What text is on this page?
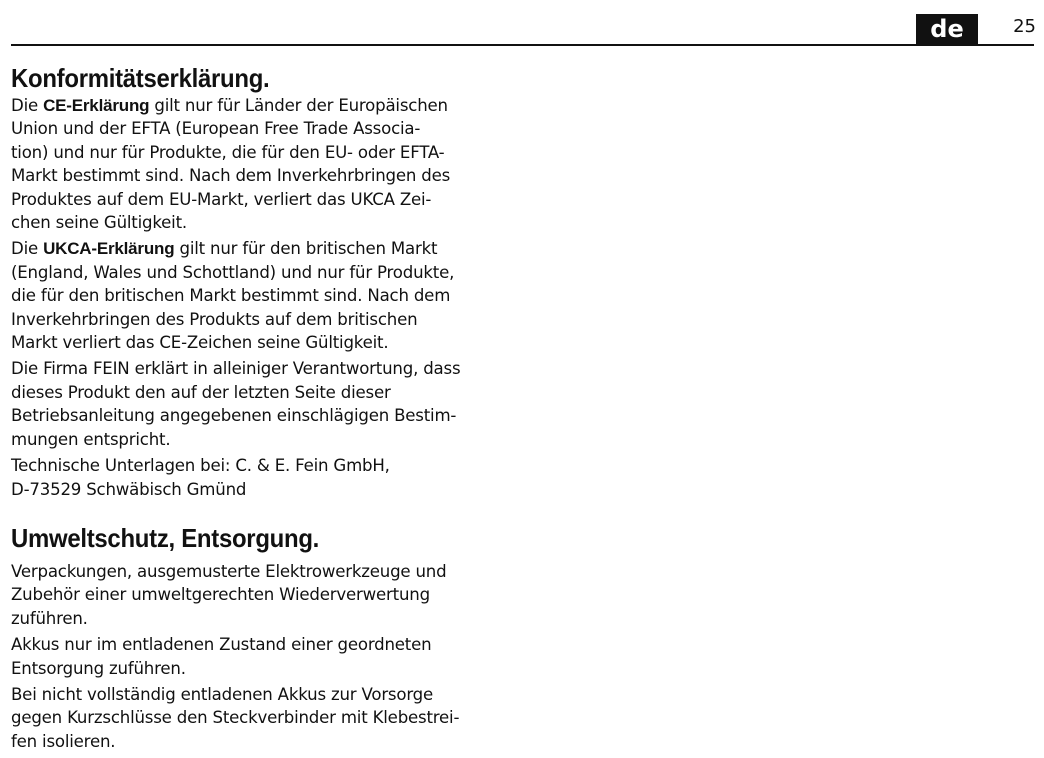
de	25
Konformitätserklärung.

Die CE-Erklärung gilt nur für Länder der Europäischen
Union und der EFTA (European Free Trade Associa-
tion) und nur für Produkte, die für den EU- oder EFTA-
Markt bestimmt sind. Nach dem Inverkehrbringen des
Produktes auf dem EU-Markt, verliert das UKCA Zei-
chen seine Gültigkeit.

Die UKCA-Erklärung gilt nur für den britischen Markt
(England, Wales und Schottland) und nur für Produkte,
die für den britischen Markt bestimmt sind. Nach dem
Inverkehrbringen des Produkts auf dem britischen
Markt verliert das CE-Zeichen seine Gültigkeit.

Die Firma FEIN erklärt in alleiniger Verantwortung, dass
dieses Produkt den auf der letzten Seite dieser
Betriebsanleitung angegebenen einschlägigen Bestim-
mungen entspricht.

Technische Unterlagen bei: C. & E. Fein GmbH,
D-73529 Schwäbisch Gmünd

Umweltschutz, Entsorgung.

Verpackungen, ausgemusterte Elektrowerkzeuge und
Zubehör einer umweltgerechten Wiederverwertung
zuführen.

Akkus nur im entladenen Zustand einer geordneten
Entsorgung zuführen.

Bei nicht vollständig entladenen Akkus zur Vorsorge
gegen Kurzschlüsse den Steckverbinder mit Klebestrei-
fen isolieren.
